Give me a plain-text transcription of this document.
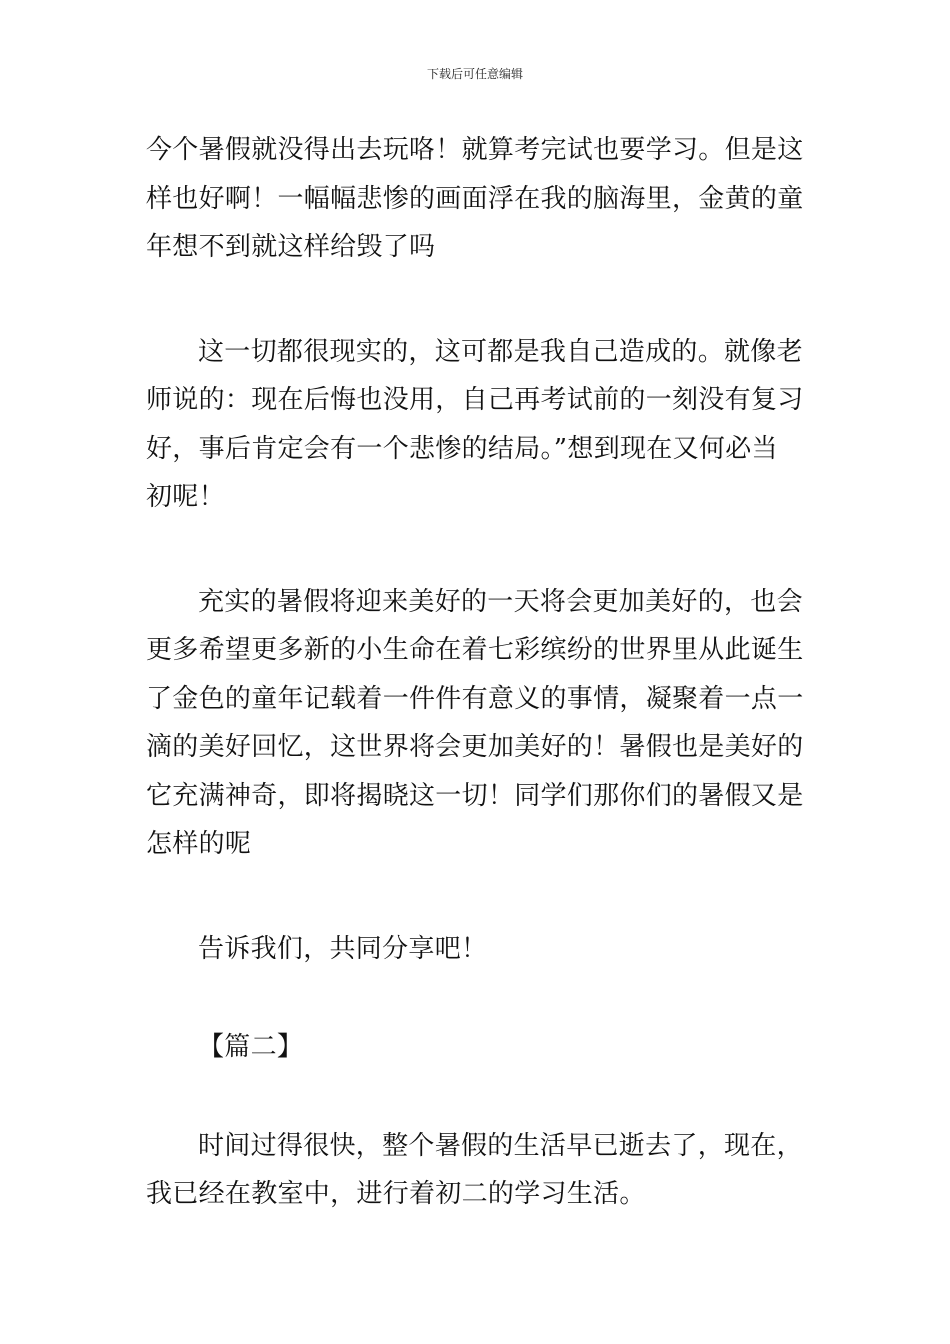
下载后可任意编辑

今个暑假就没得出去玩咯！就算考完试也要学习。但是这
样也好啊！一幅幅悲惨的画面浮在我的脑海里，金黄的童
年想不到就这样给毁了吗

这一切都很现实的，这可都是我自己造成的。就像老
师说的：现在后悔也没用，自己再考试前的一刻没有复习
好，事后肯定会有一个悲惨的结局。”想到现在又何必当
初呢！

充实的暑假将迎来美好的一天将会更加美好的，也会
更多希望更多新的小生命在着七彩缤纷的世界里从此诞生
了金色的童年记载着一件件有意义的事情，凝聚着一点一
滴的美好回忆，这世界将会更加美好的！暑假也是美好的
它充满神奇，即将揭晓这一切！同学们那你们的暑假又是
怎样的呢

告诉我们，共同分享吧！

【篇二】

时间过得很快，整个暑假的生活早已逝去了，现在，
我已经在教室中，进行着初二的学习生活。
